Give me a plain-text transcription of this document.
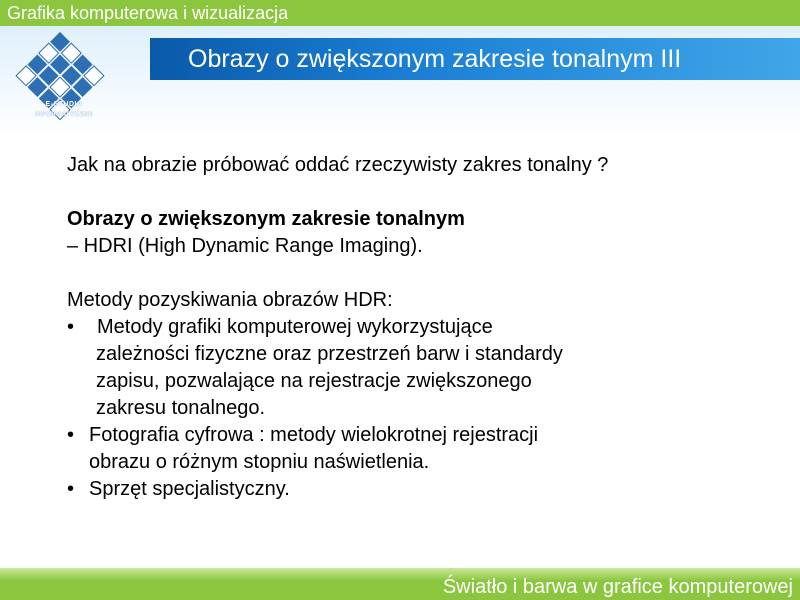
Grafika komputerowa i wizualizacja
Obrazy o zwiększonym zakresie tonalnym III
E-STUDIA
INFORMATYCZNE
Jak na obrazie próbować oddać rzeczywisty zakres tonalny ?
Obrazy o zwiększonym zakresie tonalnym
– HDRI (High Dynamic Range Imaging).
Metody pozyskiwania obrazów HDR:
• Metody grafiki komputerowej wykorzystujące
zależności fizyczne oraz przestrzeń barw i standardy
zapisu, pozwalające na rejestracje zwiększonego
zakresu tonalnego.
• Fotografia cyfrowa : metody wielokrotnej rejestracji
obrazu o różnym stopniu naświetlenia.
• Sprzęt specjalistyczny.
Światło i barwa w grafice komputerowej
